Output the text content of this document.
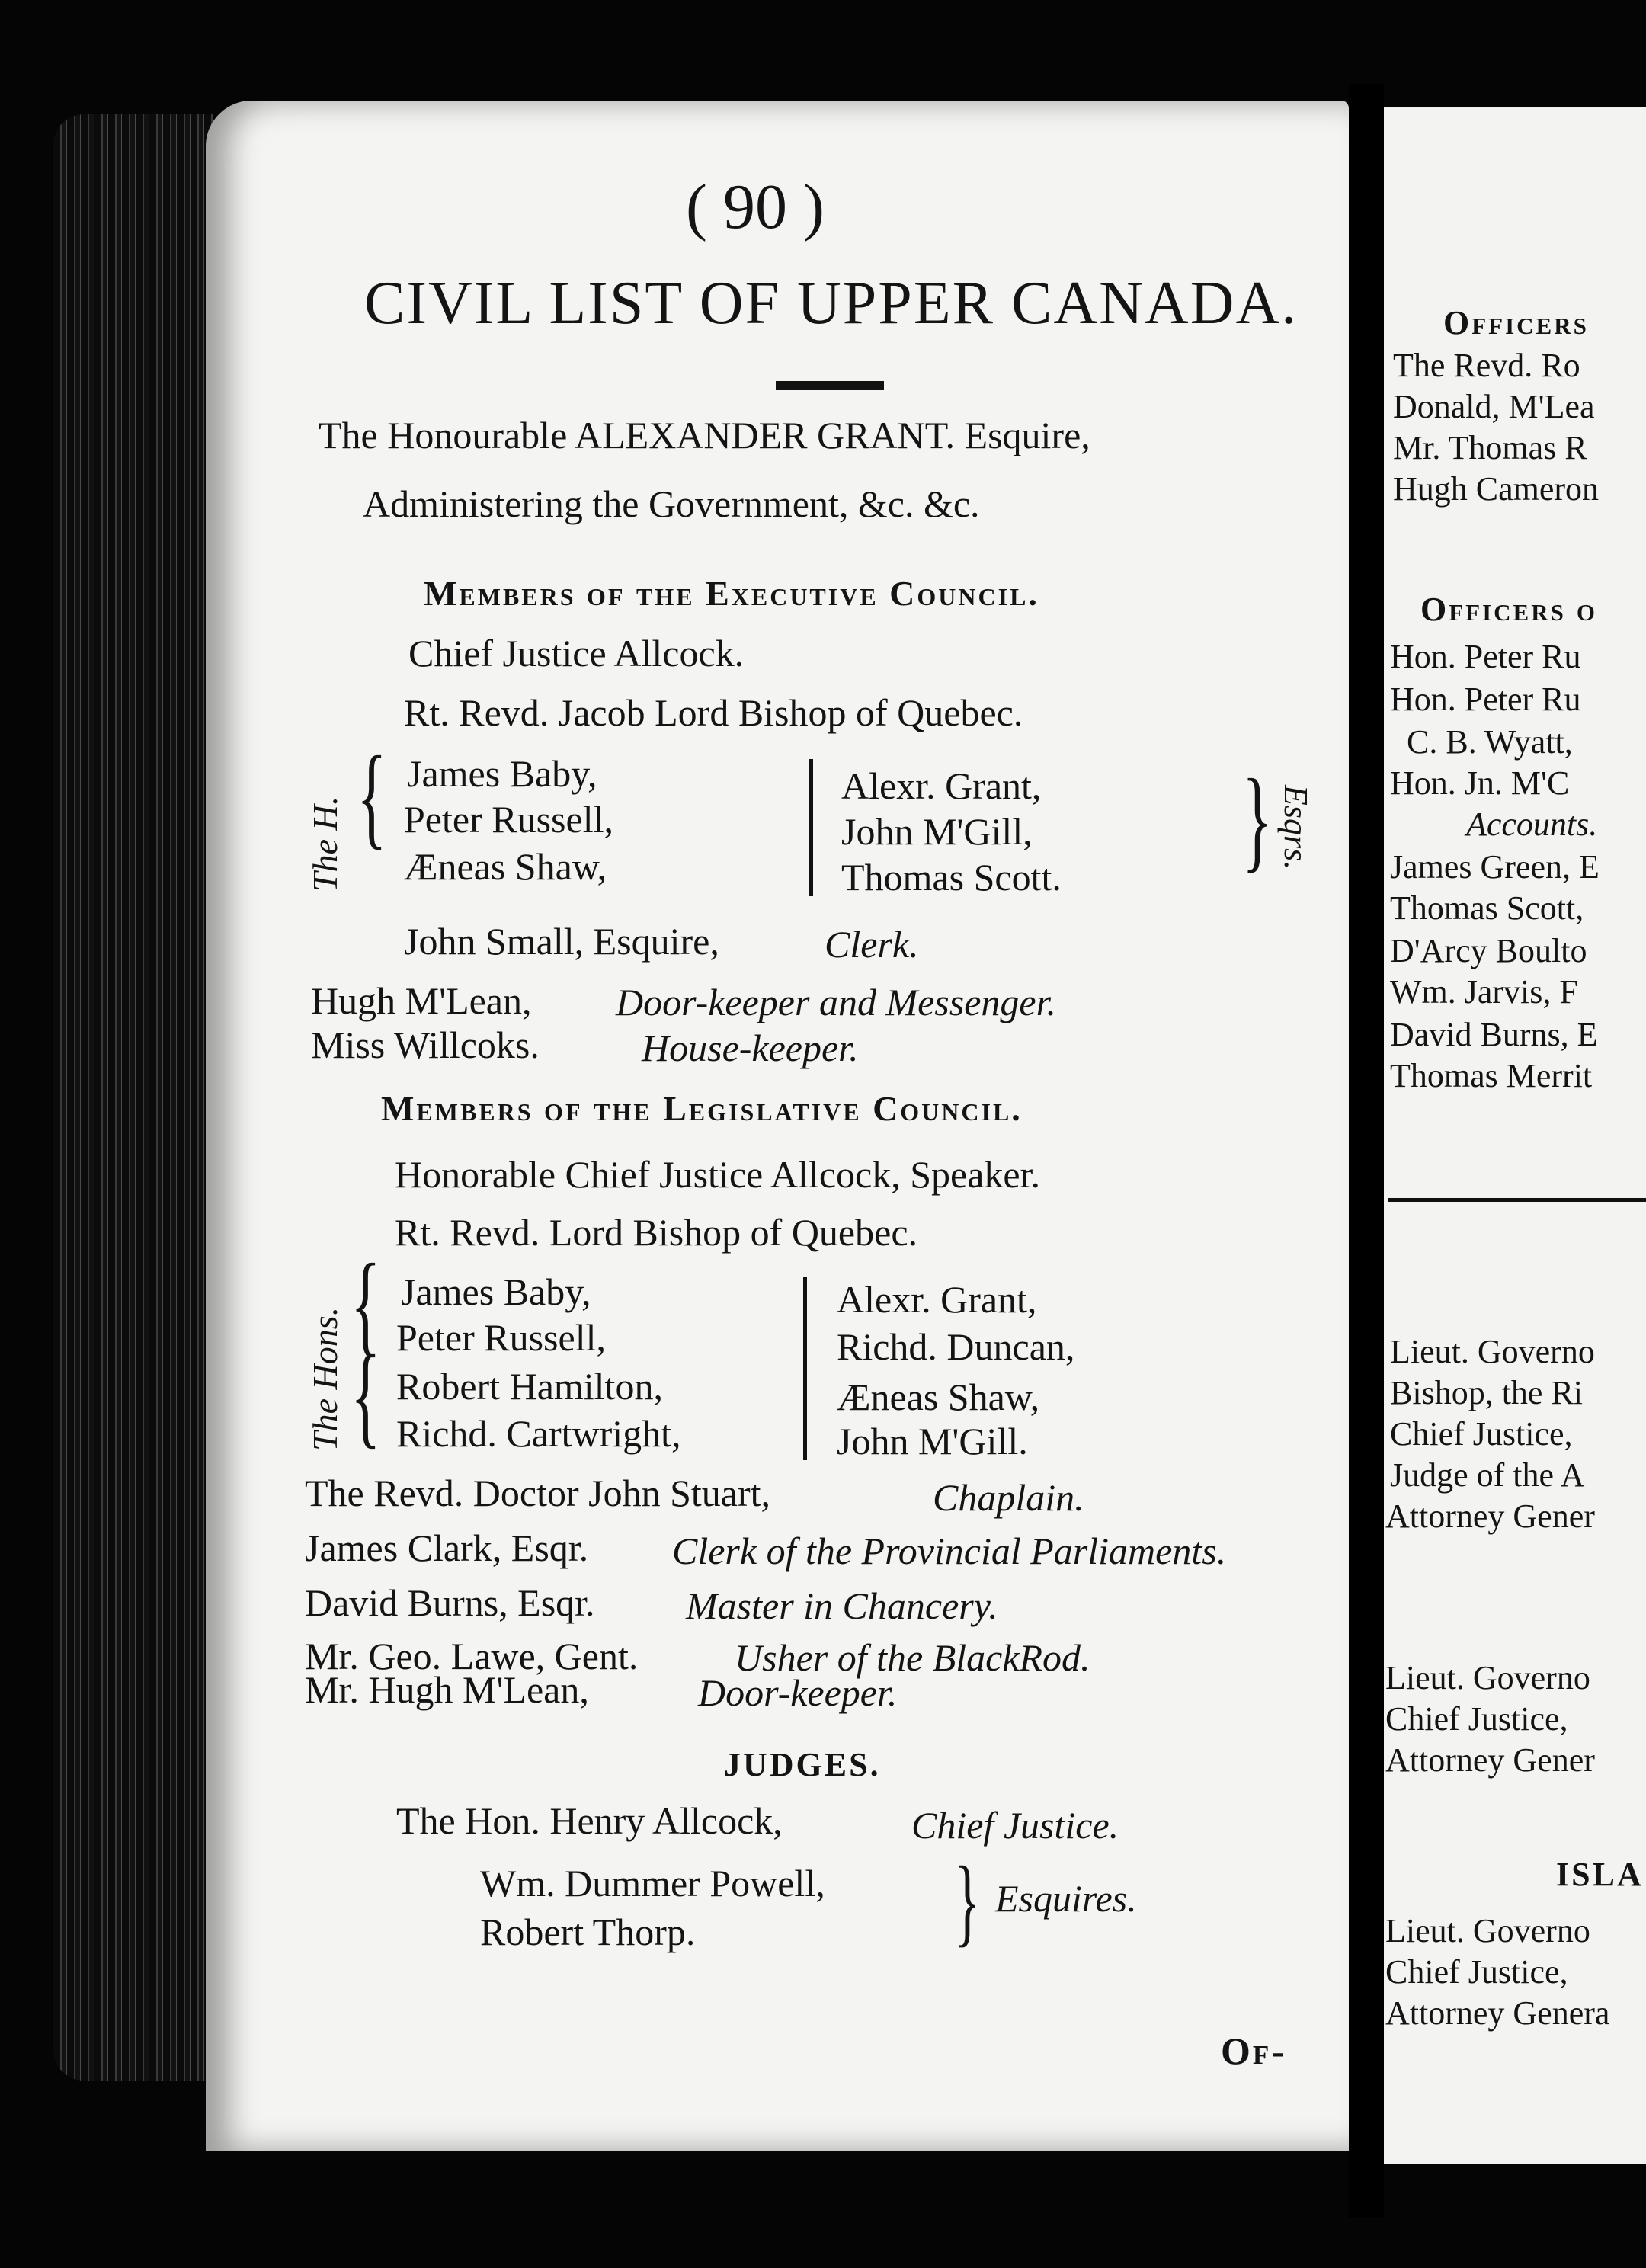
Officers
The Revd. Ro
Donald, M'Lea
Mr. Thomas R
Hugh Cameron
Officers o
Hon. Peter Ru
Hon. Peter Ru
C. B. Wyatt,
Hon. Jn. M'C
Accounts.
James Green, E
Thomas Scott,
D'Arcy Boulto
Wm. Jarvis, F
David Burns, E
Thomas Merrit
Lieut. Governo
Bishop, the Ri
Chief Justice,
Judge of the A
Attorney Gener
Lieut. Governo
Chief Justice,
Attorney Gener
ISLA
Lieut. Governo
Chief Justice,
Attorney Genera
( 90 )
CIVIL LIST OF UPPER CANADA.
The Honourable ALEXANDER GRANT. Esquire,
Administering the Government, &c. &c.
Members of the Executive Council.
Chief Justice Allcock.
Rt. Revd. Jacob Lord Bishop of Quebec.
The H. { James Baby,
Peter Russell,
Æneas Shaw,
Alexr. Grant,
John M'Gill,
Thomas Scott. } Esqrs.
John Small, Esquire,	Clerk.
Hugh M'Lean, Door-keeper and Messenger.
Miss Willcoks.	House-keeper.
Members of the Legislative Council.
Honorable Chief Justice Allcock, Speaker.
Rt. Revd. Lord Bishop of Quebec.
The Hons.
{
{
James Baby,
Peter Russell,
Robert Hamilton,
Richd. Cartwright,
Alexr. Grant,
Richd. Duncan,
Æneas Shaw,
John M'Gill.
The Revd. Doctor John Stuart,	Chaplain.
James Clark, Esqr. Clerk of the Provincial Parliaments.
David Burns, Esqr. Master in Chancery.
Mr. Geo. Lawe, Gent.	Usher of the BlackRod.
Mr. Hugh M'Lean,	Door-keeper.
JUDGES.
The Hon. Henry Allcock,	Chief Justice.
Wm. Dummer Powell,
Robert Thorp.	} Esquires.
Of-
